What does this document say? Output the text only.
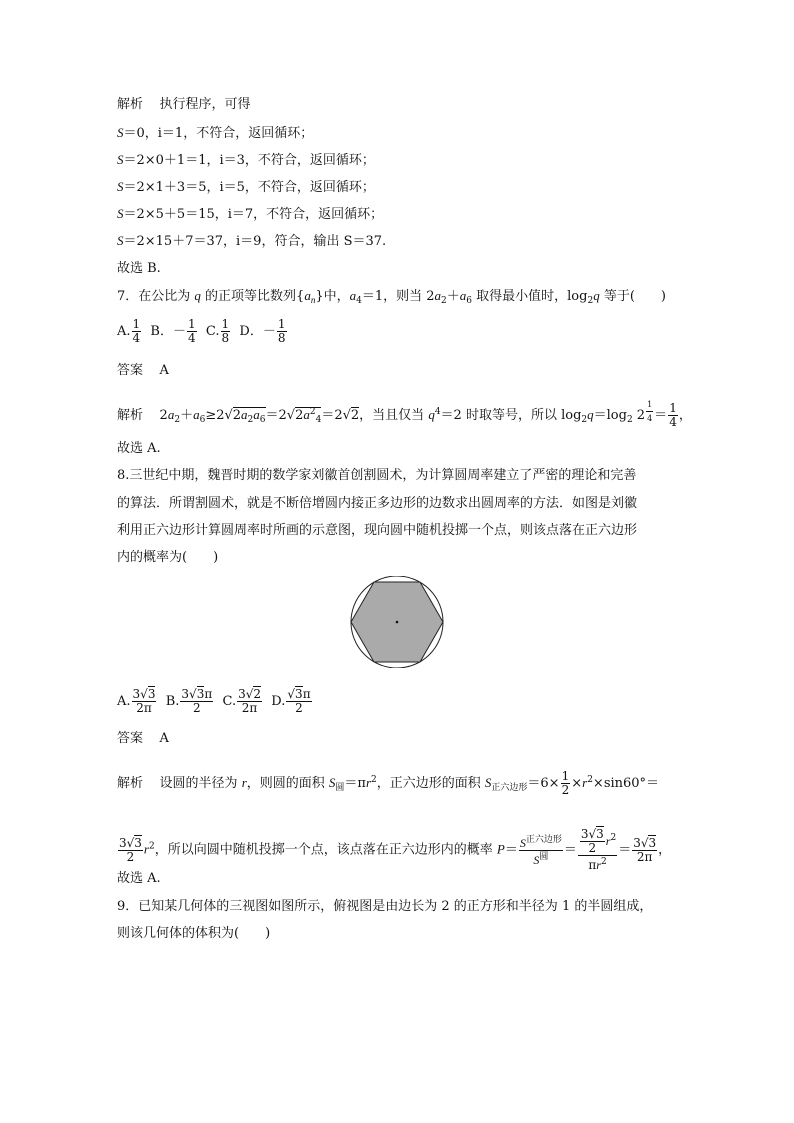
解析 执行程序，可得
S＝0，i＝1，不符合，返回循环；
S＝2×0＋1＝1，i＝3，不符合，返回循环；
S＝2×1＋3＝5，i＝5，不符合，返回循环；
S＝2×5＋5＝15，i＝7，不符合，返回循环；
S＝2×15＋7＝37，i＝9，符合，输出 S＝37.
故选 B.
7．在公比为 q 的正项等比数列$\{a_n\}$中，$a_4=1$，则当 $2a_2+a_6$ 取得最小值时，$\log_2q$ 等于(　　)
A. $\frac{1}{4}$ B．－ $\frac{1}{4} C$. $\frac{1}{8}$ D．－ $\frac{1}{8}$
答案 A
解析    $2a_2+a_6\ge 2√2a_2a_6=2√2a^2_4=2√2$，当且仅当 $q^4=2$ 时取等号，所以 $\log_2q=\log_2$ 2 $^{\frac{1}{4}} = \frac{1}{4}$ ，
故选 A.
8.三世纪中期，魏晋时期的数学家刘徽首创割圆术，为计算圆周率建立了严密的理论和完善
的算法．所谓割圆术，就是不断倍增圆内接正多边形的边数求出圆周率的方法．如图是刘徽
利用正六边形计算圆周率时所画的示意图，现向圆中随机投掷一个点，则该点落在正六边形
内的概率为(　　)
A. $\frac{3√3}{2\pi} B$. $\frac{3√3\pi}{2} C$. $\frac{3√2}{2\pi} D$. $\frac{√3\pi}{2}$
答案 A
解析    设圆的半径为 r，则圆的面积 $S_圆=\pi r^2$，正六边形的面积 $S_{正六边形}=6\times \frac{1}{2} \times r^2\times\sin 60^\circ=$
$\frac{3√3}{2} r^2$，所以向圆中随机投掷一个点，该点落在正六边形内的概率 $P= \frac{S^{正六边形}}{S^圆} = \frac{\frac{3√3}{2} r^2}{\pi r^2} = \frac{3√3}{2\pi}$ ，
故选 A.
9．已知某几何体的三视图如图所示，俯视图是由边长为 2 的正方形和半径为 1 的半圆组成，
则该几何体的体积为(　　)
